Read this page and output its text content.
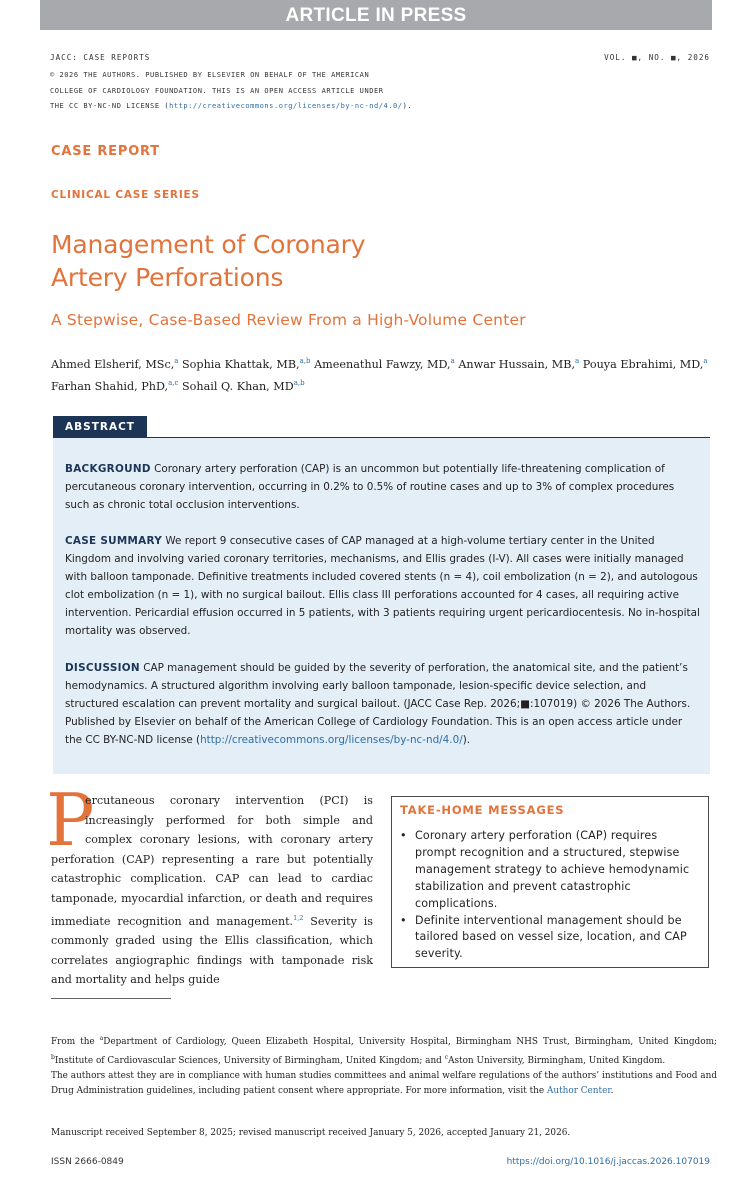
ARTICLE IN PRESS
JACC: CASE REPORTS	VOL. ■, NO. ■, 2026
© 2026 THE AUTHORS. PUBLISHED BY ELSEVIER ON BEHALF OF THE AMERICAN
COLLEGE OF CARDIOLOGY FOUNDATION. THIS IS AN OPEN ACCESS ARTICLE UNDER
THE CC BY-NC-ND LICENSE (http://creativecommons.org/licenses/by-nc-nd/4.0/).
CASE REPORT
CLINICAL CASE SERIES
Management of Coronary
Artery Perforations
A Stepwise, Case-Based Review From a High-Volume Center
Ahmed Elsherif, MSc,$^a$ Sophia Khattak, MB,$^{a,b}$ Ameenathul Fawzy, MD,$^a$ Anwar Hussain, MB,$^a$ Pouya Ebrahimi, MD,$^a$
Farhan Shahid, PhD,$^{a,c}$ Sohail Q. Khan, MD$^{a,b}$
ABSTRACT
BACKGROUND Coronary artery perforation (CAP) is an uncommon but potentially life-threatening complication of percutaneous coronary intervention, occurring in 0.2% to 0.5% of routine cases and up to 3% of complex procedures such as chronic total occlusion interventions.
CASE SUMMARY We report 9 consecutive cases of CAP managed at a high-volume tertiary center in the United Kingdom and involving varied coronary territories, mechanisms, and Ellis grades (I-V). All cases were initially managed with balloon tamponade. Definitive treatments included covered stents (n = 4), coil embolization (n = 2), and autologous clot embolization (n = 1), with no surgical bailout. Ellis class III perforations accounted for 4 cases, all requiring active intervention. Pericardial effusion occurred in 5 patients, with 3 patients requiring urgent pericardiocentesis. No in-hospital mortality was observed.
DISCUSSION CAP management should be guided by the severity of perforation, the anatomical site, and the patient’s hemodynamics. A structured algorithm involving early balloon tamponade, lesion-specific device selection, and structured escalation can prevent mortality and surgical bailout. (JACC Case Rep. 2026;■:107019) © 2026 The Authors. Published by Elsevier on behalf of the American College of Cardiology Foundation. This is an open access article under the CC BY-NC-ND license (http://creativecommons.org/licenses/by-nc-nd/4.0/).
P
ercutaneous coronary intervention (PCI) is increasingly performed for both simple and complex coronary lesions, with coronary artery perforation (CAP) representing a rare but potentially catastrophic complication. CAP can lead to cardiac tamponade, myocardial infarction, or death and requires immediate recognition and management.$^{1,2}$ Severity is commonly graded using the Ellis classification, which correlates angiographic findings with tamponade risk and mortality and helps guide
TAKE-HOME MESSAGES
• Coronary artery perforation (CAP) requires prompt recognition and a structured, stepwise management strategy to achieve hemodynamic stabilization and prevent catastrophic complications.
• Definite interventional management should be tailored based on vessel size, location, and CAP severity.
From the $^a$Department of Cardiology, Queen Elizabeth Hospital, University Hospital, Birmingham NHS Trust, Birmingham, United Kingdom; $^b$Institute of Cardiovascular Sciences, University of Birmingham, United Kingdom; and $^c$Aston University, Birmingham, United Kingdom.
The authors attest they are in compliance with human studies committees and animal welfare regulations of the authors’ institutions and Food and Drug Administration guidelines, including patient consent where appropriate. For more information, visit the Author Center.
Manuscript received September 8, 2025; revised manuscript received January 5, 2026, accepted January 21, 2026.
ISSN 2666-0849	https://doi.org/10.1016/j.jaccas.2026.107019
